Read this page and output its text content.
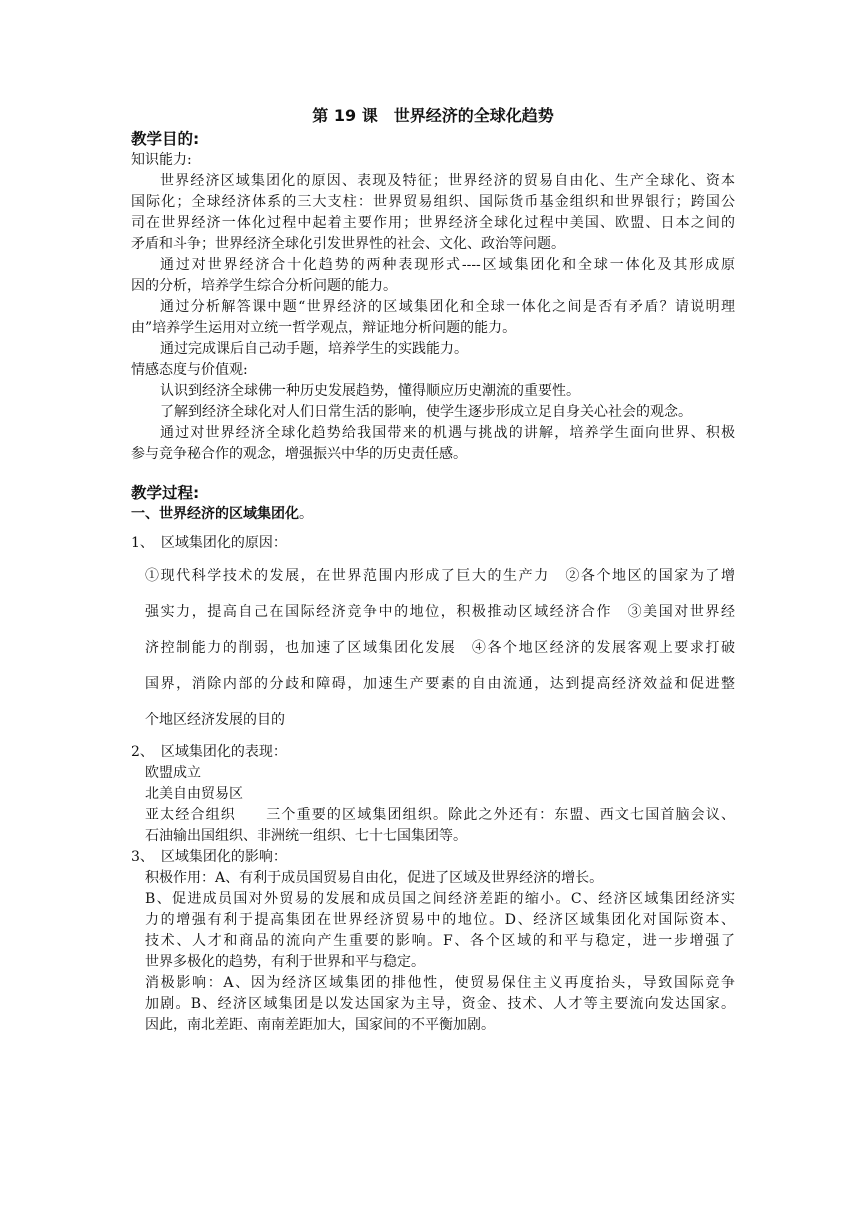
第 19 课　世界经济的全球化趋势

教学目的:

知识能力:

世界经济区域集团化的原因、表现及特征；世界经济的贸易自由化、生产全球化、资本

国际化；全球经济体系的三大支柱：世界贸易组织、国际货币基金组织和世界银行；跨国公

司在世界经济一体化过程中起着主要作用；世界经济全球化过程中美国、欧盟、日本之间的

矛盾和斗争；世界经济全球化引发世界性的社会、文化、政治等问题。

通过对世界经济合十化趋势的两种表现形式----区域集团化和全球一体化及其形成原

因的分析，培养学生综合分析问题的能力。

通过分析解答课中题“世界经济的区域集团化和全球一体化之间是否有矛盾？请说明理

由”培养学生运用对立统一哲学观点，辩证地分析问题的能力。

通过完成课后自己动手题，培养学生的实践能力。

情感态度与价值观:

认识到经济全球佛一种历史发展趋势，懂得顺应历史潮流的重要性。

了解到经济全球化对人们日常生活的影响，使学生逐步形成立足自身关心社会的观念。

通过对世界经济全球化趋势给我国带来的机遇与挑战的讲解，培养学生面向世界、积极

参与竞争秘合作的观念，增强振兴中华的历史责任感。

教学过程:

一、世界经济的区域集团化。

1、　区域集团化的原因：

①现代科学技术的发展，在世界范围内形成了巨大的生产力　②各个地区的国家为了增

强实力，提高自己在国际经济竞争中的地位，积极推动区域经济合作　③美国对世界经

济控制能力的削弱，也加速了区域集团化发展　④各个地区经济的发展客观上要求打破

国界，消除内部的分歧和障碍，加速生产要素的自由流通，达到提高经济效益和促进整

个地区经济发展的目的

2、　区域集团化的表现：

欧盟成立

北美自由贸易区

亚太经合组织　　三个重要的区域集团组织。除此之外还有：东盟、西文七国首脑会议、

石油输出国组织、非洲统一组织、七十七国集团等。

3、　区域集团化的影响：

积极作用：A、有利于成员国贸易自由化，促进了区域及世界经济的增长。

B、促进成员国对外贸易的发展和成员国之间经济差距的缩小。C、经济区域集团经济实

力的增强有利于提高集团在世界经济贸易中的地位。D、经济区域集团化对国际资本、

技术、人才和商品的流向产生重要的影响。F、各个区域的和平与稳定，进一步增强了

世界多极化的趋势，有利于世界和平与稳定。

消极影响：A、因为经济区域集团的排他性，使贸易保住主义再度抬头，导致国际竞争

加剧。B、经济区域集团是以发达国家为主导，资金、技术、人才等主要流向发达国家。

因此，南北差距、南南差距加大，国家间的不平衡加剧。
